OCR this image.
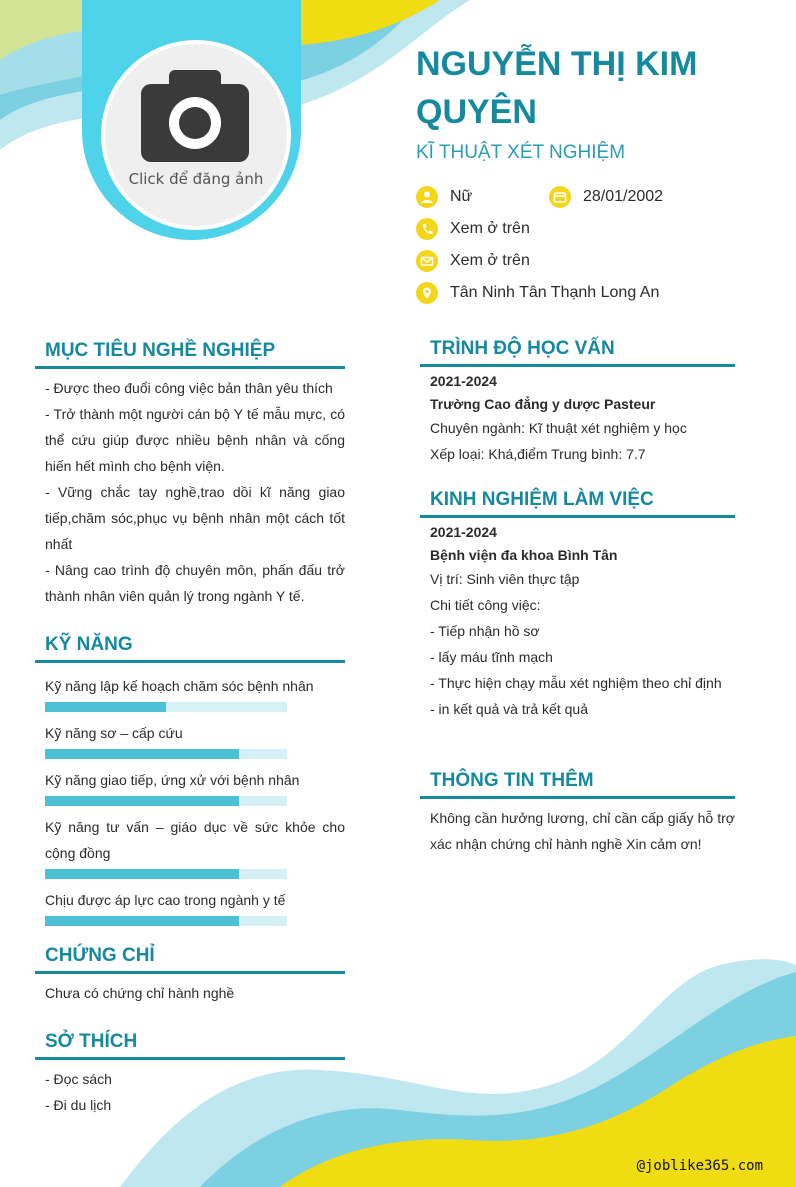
Click để đăng ảnh
NGUYỄN THỊ KIM QUYÊN
KĨ THUẬT XÉT NGHIỆM
Nữ	28/01/2002
Xem ở trên
Xem ở trên
Tân Ninh Tân Thạnh Long An
MỤC TIÊU NGHỀ NGHIỆP

- Được theo đuổi công việc bản thân yêu thích

- Trở thành một người cán bộ Y tế mẫu mực, có thể cứu giúp được nhiều bệnh nhân và cống hiến hết mình cho bệnh viện.

- Vững chắc tay nghề,trao dồi kĩ năng giao tiếp,chăm sóc,phục vụ bệnh nhân một cách tốt nhất

- Nâng cao trình độ chuyên môn, phấn đấu trở thành nhân viên quản lý trong ngành Y tế.

KỸ NĂNG

Kỹ năng lập kế hoạch chăm sóc bệnh nhân

Kỹ năng sơ – cấp cứu

Kỹ năng giao tiếp, ứng xử với bệnh nhân

Kỹ năng tư vấn – giáo dục về sức khỏe cho cộng đồng

Chịu được áp lực cao trong ngành y tế

CHỨNG CHỈ

Chưa có chứng chỉ hành nghề

SỞ THÍCH

- Đọc sách

- Đi du lịch

TRÌNH ĐỘ HỌC VẤN

2021-2024

Trường Cao đẳng y dược Pasteur

Chuyên ngành: Kĩ thuật xét nghiệm y học

Xếp loại: Khá,điểm Trung bình: 7.7

KINH NGHIỆM LÀM VIỆC

2021-2024

Bệnh viện đa khoa Bình Tân

Vị trí: Sinh viên thực tập

Chi tiết công việc:

- Tiếp nhận hồ sơ

- lấy máu tĩnh mạch

- Thực hiện chạy mẫu xét nghiệm theo chỉ định

- in kết quả và trả kết quả

THÔNG TIN THÊM

Không cần hưởng lương, chỉ cần cấp giấy hỗ trợ xác nhận chứng chỉ hành nghề Xin cảm ơn!

@joblike365.com
